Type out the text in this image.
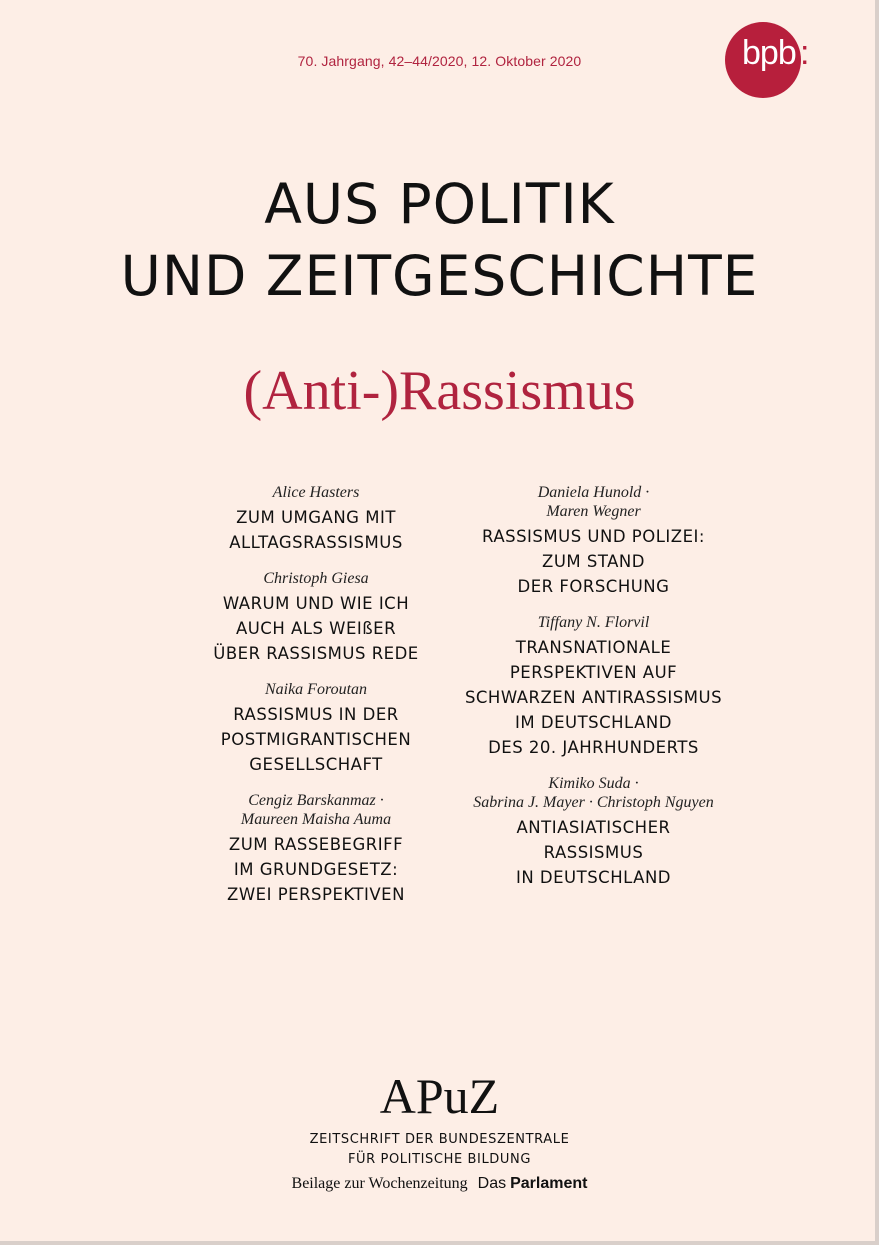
70. Jahrgang, 42–44/2020, 12. Oktober 2020	bpb :
AUS POLITIK
UND ZEITGESCHICHTE
(Anti-)Rassismus
Alice Hasters
ZUM UMGANG MIT
ALLTAGSRASSISMUS
Christoph Giesa
WARUM UND WIE ICH
AUCH ALS WEIßER
ÜBER RASSISMUS REDE
Naika Foroutan
RASSISMUS IN DER
POSTMIGRANTISCHEN
GESELLSCHAFT
Cengiz Barskanmaz ·
Maureen Maisha Auma
ZUM RASSEBEGRIFF
IM GRUNDGESETZ:
ZWEI PERSPEKTIVEN
Daniela Hunold ·
Maren Wegner
RASSISMUS UND POLIZEI:
ZUM STAND
DER FORSCHUNG
Tiffany N. Florvil
TRANSNATIONALE
PERSPEKTIVEN AUF
SCHWARZEN ANTIRASSISMUS
IM DEUTSCHLAND
DES 20. JAHRHUNDERTS
Kimiko Suda ·
Sabrina J. Mayer · Christoph Nguyen
ANTIASIATISCHER
RASSISMUS
IN DEUTSCHLAND
APuZ
ZEITSCHRIFT DER BUNDESZENTRALE
FÜR POLITISCHE BILDUNG
Beilage zur Wochenzeitung Das Parlament
